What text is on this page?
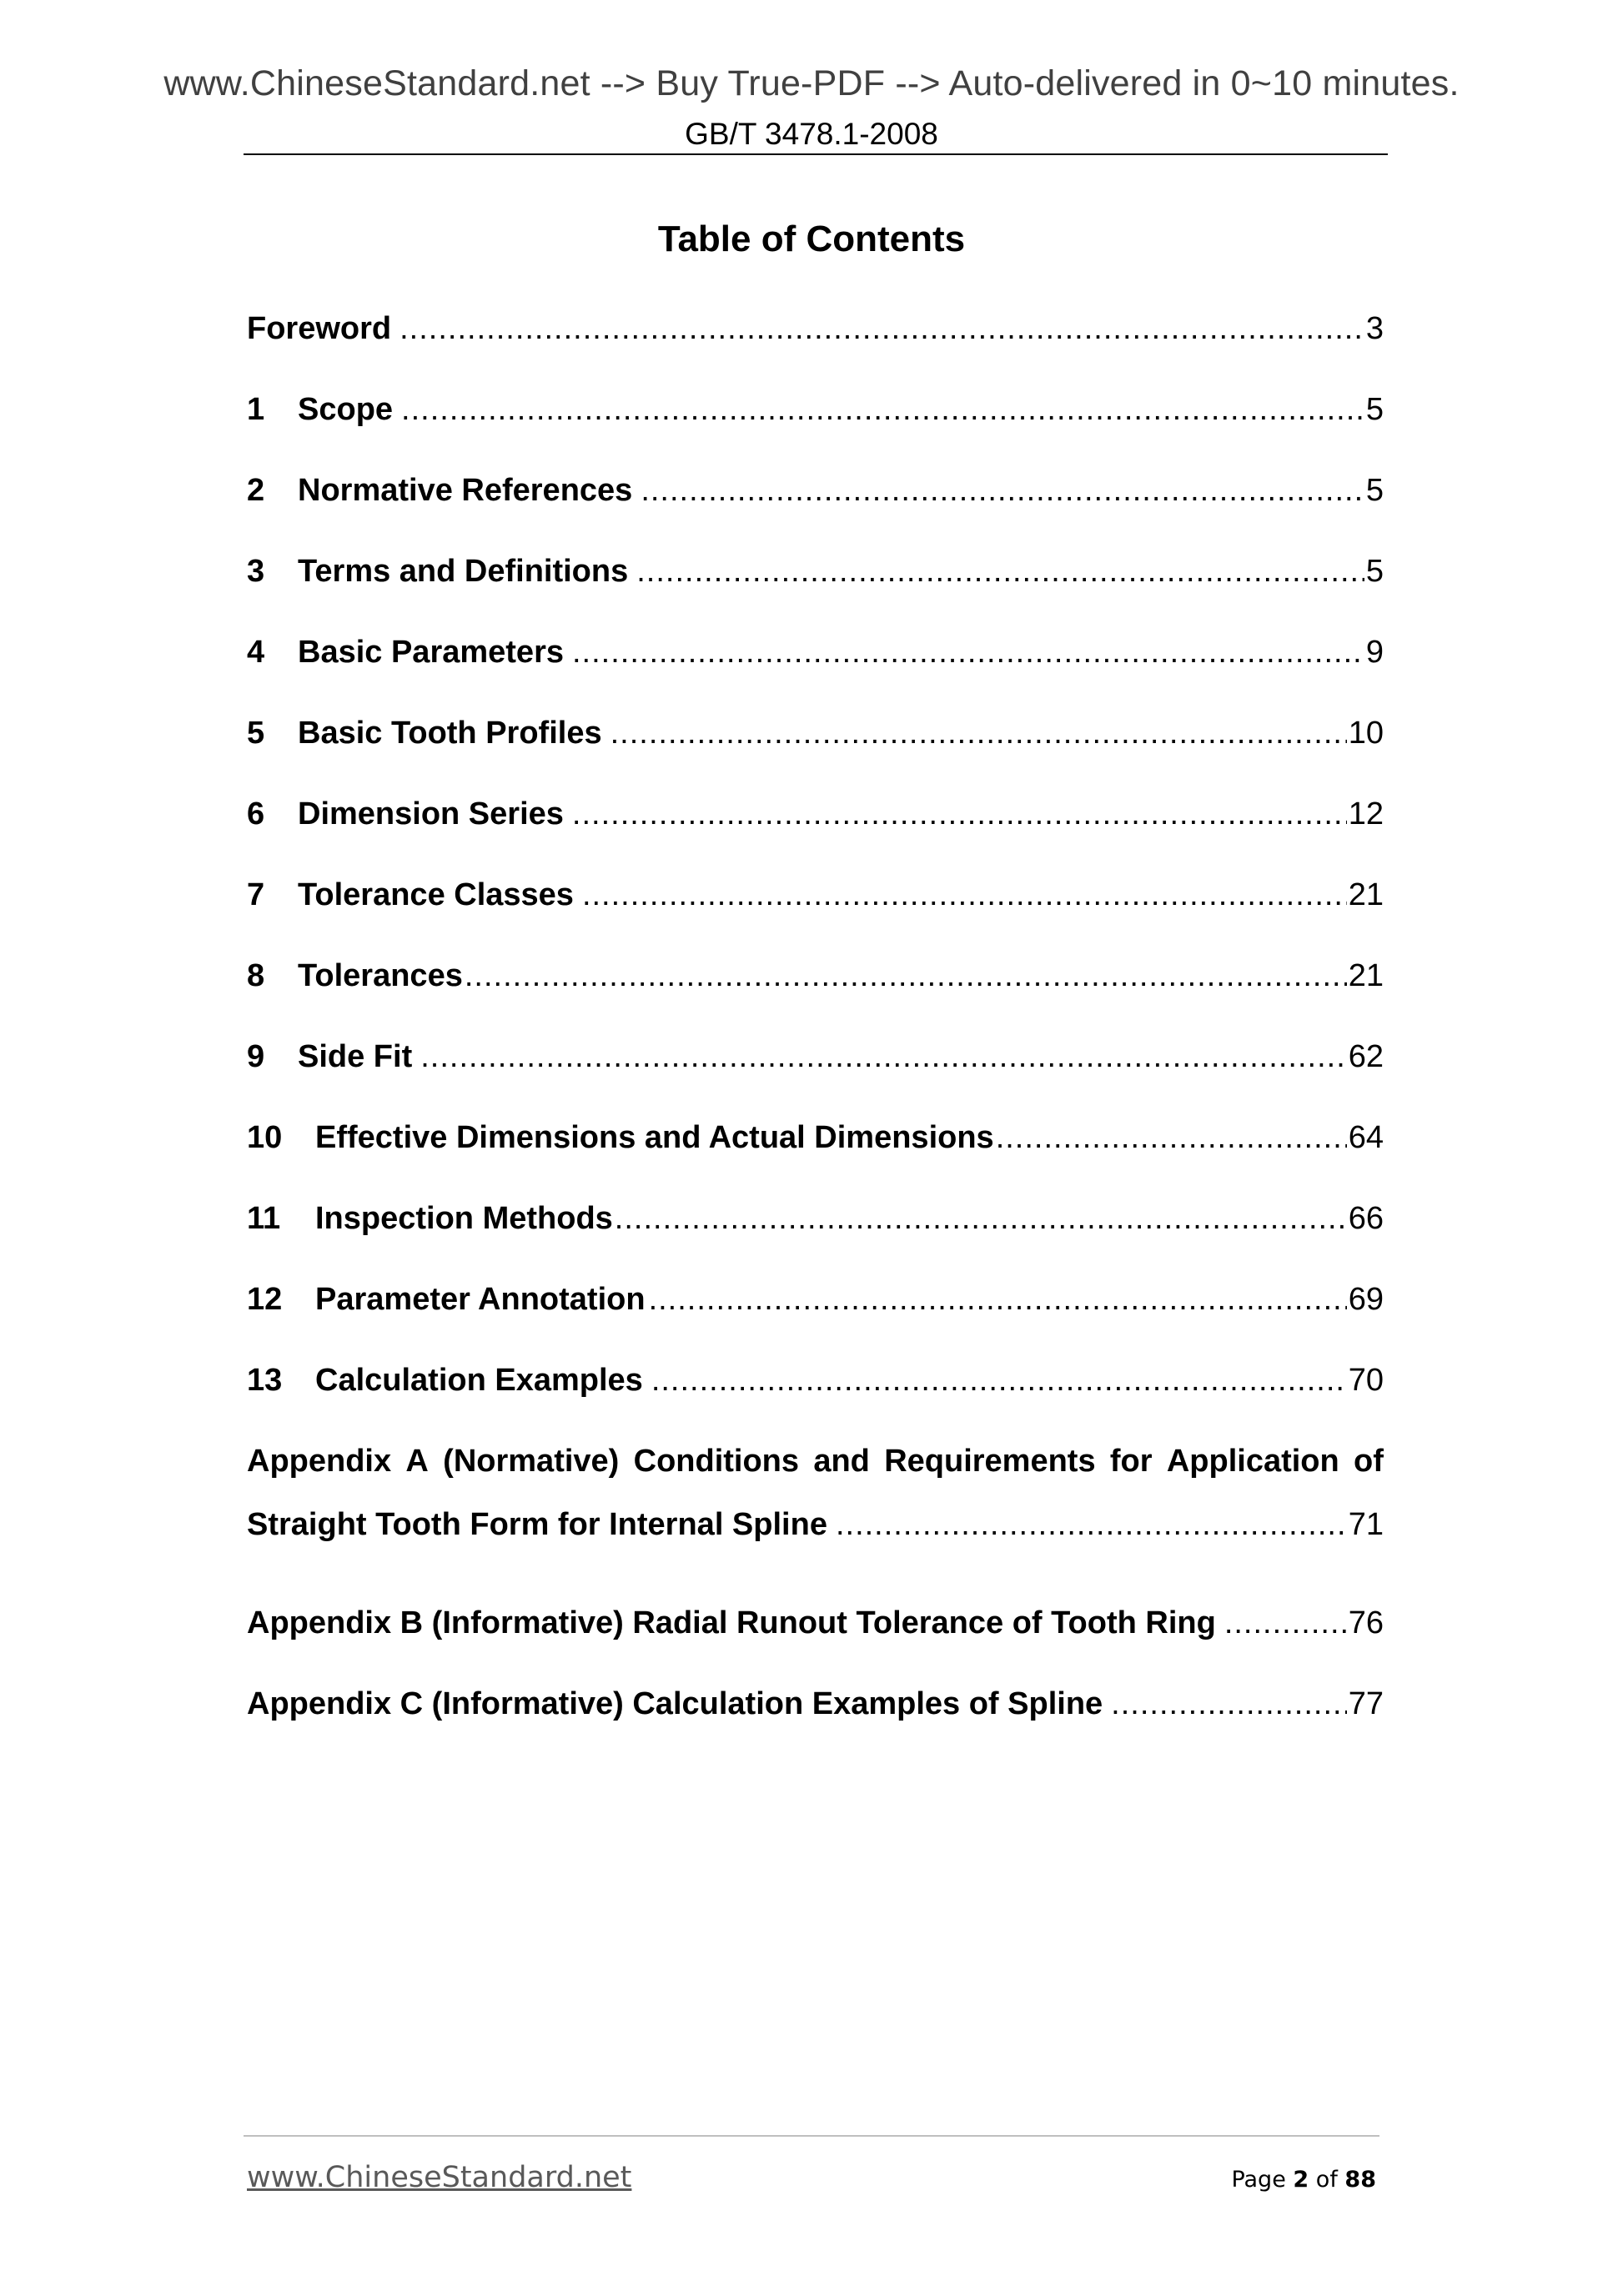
www.ChineseStandard.net --> Buy True-PDF --> Auto-delivered in 0~10 minutes.
GB/T 3478.1-2008
Table of Contents
Foreword .....	3
1	Scope .....	5
2	Normative References .....	5
3	Terms and Definitions .....	5
4	Basic Parameters .....	9
5	Basic Tooth Profiles .....	10
6	Dimension Series .....	12
7	Tolerance Classes .....	21
8	Tolerances .....	21
9	Side Fit .....	62
10	Effective Dimensions and Actual Dimensions .....	64
11	Inspection Methods .....	66
12	Parameter Annotation .....	69
13	Calculation Examples .....	70
Appendix A (Normative) Conditions and Requirements for Application of
Straight Tooth Form for Internal Spline .....	71
Appendix B (Informative) Radial Runout Tolerance of Tooth Ring .....	76
Appendix C (Informative) Calculation Examples of Spline .....	77
www.ChineseStandard.net	Page 2 of 88
